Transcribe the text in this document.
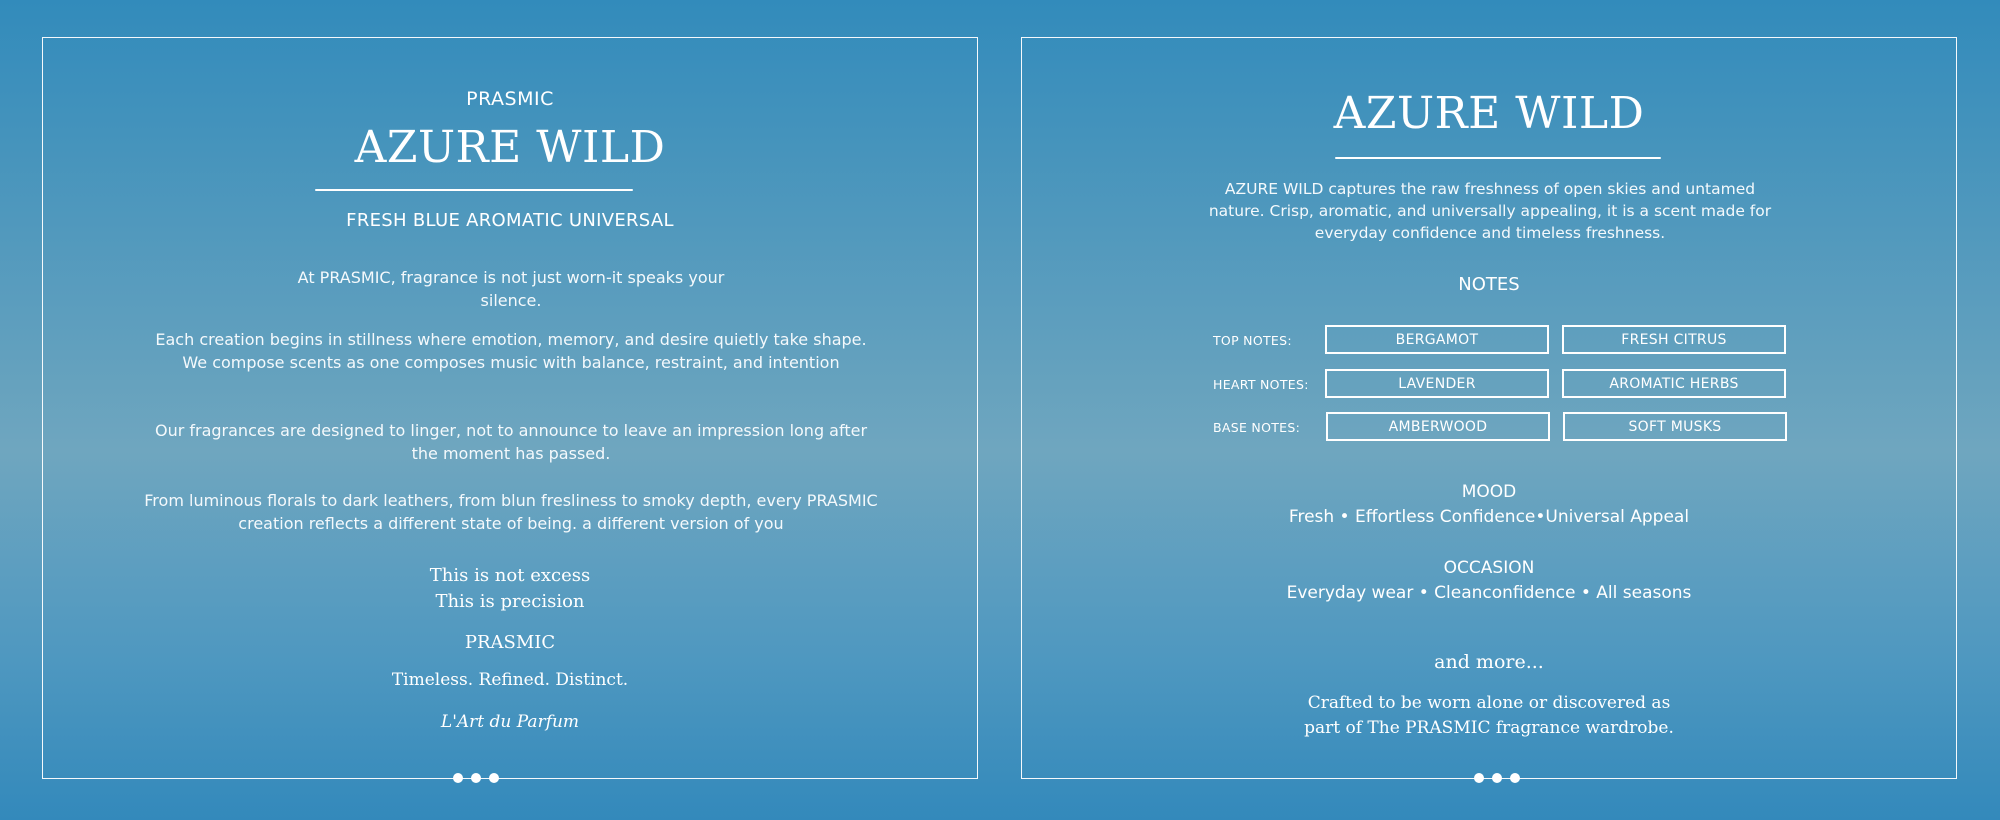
PRASMIC

AZURE WILD

FRESH BLUE AROMATIC UNIVERSAL

At PRASMIC, fragrance is not just worn-it speaks your silence.

Each creation begins in stillness where emotion, memory, and desire quietly take shape. We compose scents as one composes music with balance, restraint, and intention

Our fragrances are designed to linger, not to announce to leave an impression long after the moment has passed.

From luminous florals to dark leathers, from blun fresliness to smoky depth, every PRASMIC creation reflects a different state of being. a different version of you

This is not excess
This is precision

PRASMIC

Timeless. Refined. Distinct.

L'Art du Parfum

AZURE WILD

AZURE WILD captures the raw freshness of open skies and untamed nature. Crisp, aromatic, and universally appealing, it is a scent made for everyday confidence and timeless freshness.

NOTES

TOP NOTES:	BERGAMOT	FRESH CITRUS
HEART NOTES:	LAVENDER	AROMATIC HERBS
BASE NOTES:	AMBERWOOD	SOFT MUSKS

MOOD

Fresh • Effortless Confidence•Universal Appeal

OCCASION

Everyday wear • Cleanconfidence • All seasons

and more...

Crafted to be worn alone or discovered as
part of The PRASMIC fragrance wardrobe.
